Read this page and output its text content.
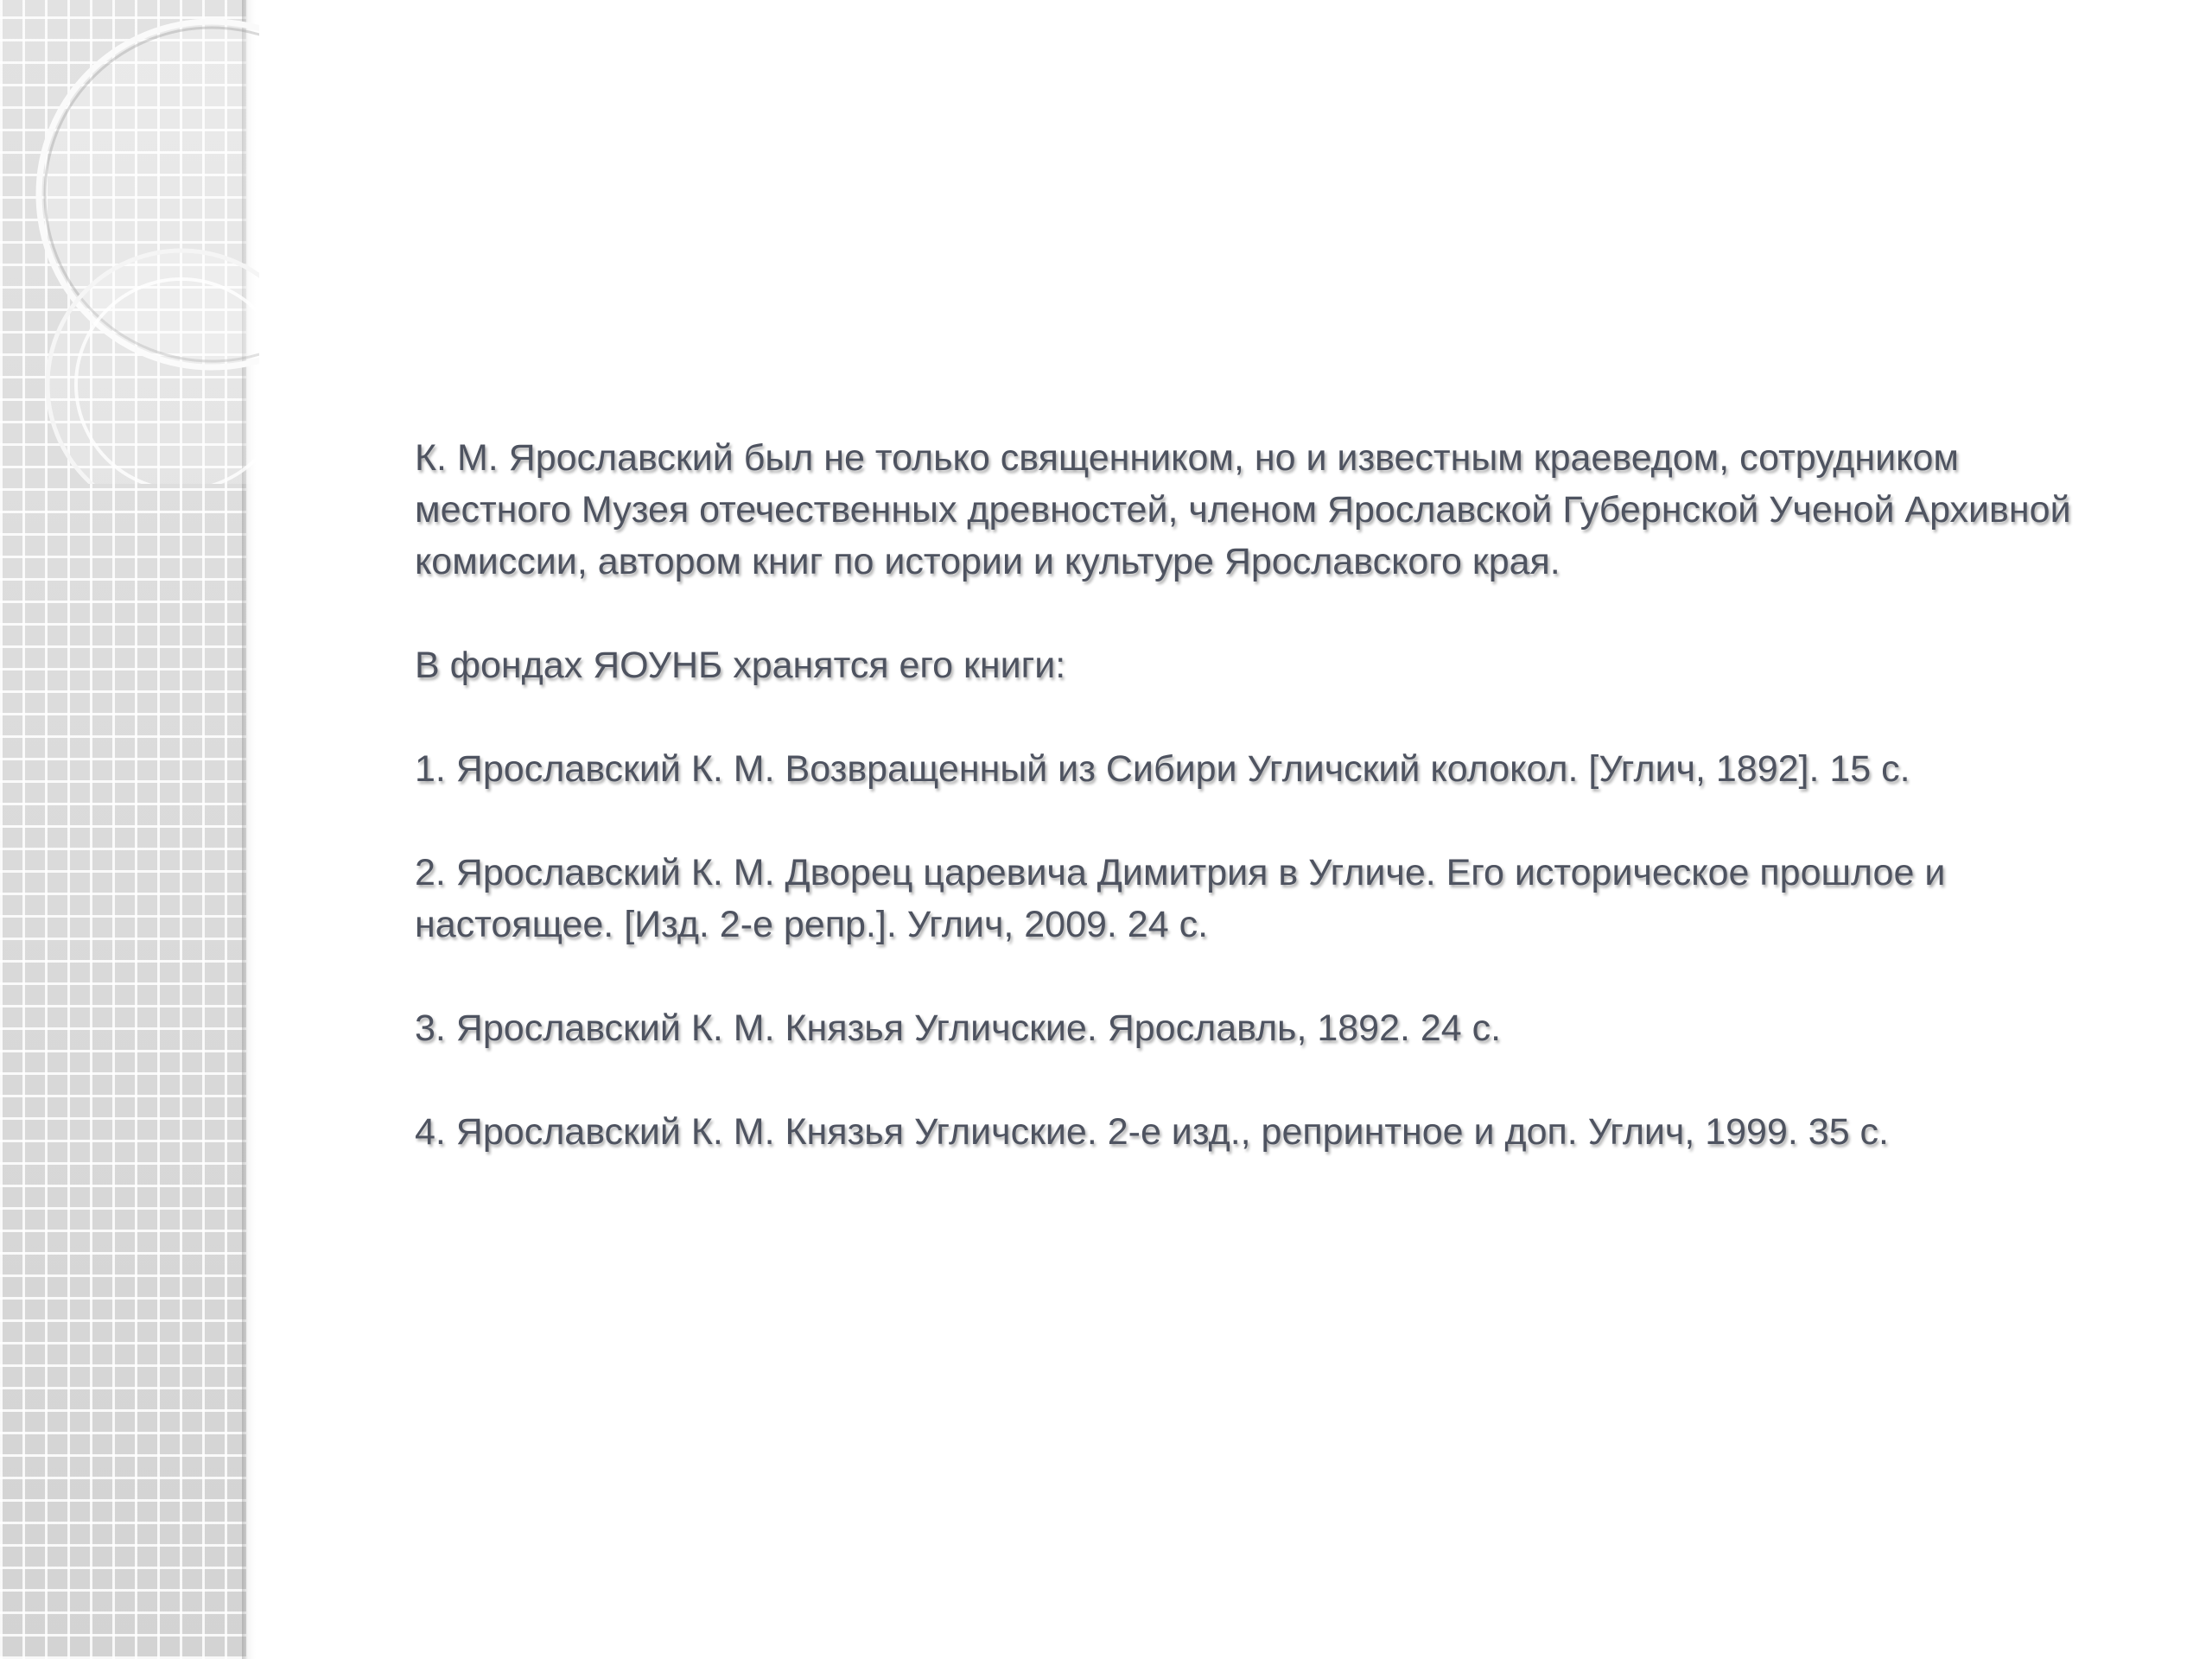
К. М. Ярославский был не только священником, но и известным краеведом, сотрудником местного Музея отечественных древностей, членом Ярославской Губернской Ученой Архивной комиссии, автором книг по истории и культуре Ярославского края.

В фондах ЯОУНБ хранятся его книги:

1. Ярославский К. М. Возвращенный из Сибири Угличский колокол. [Углич, 1892]. 15 с.

2. Ярославский К. М. Дворец царевича Димитрия в Угличе. Его историческое прошлое и настоящее. [Изд. 2-е репр.]. Углич, 2009. 24 с.

3. Ярославский К. М. Князья Угличские. Ярославль, 1892. 24 с.

4. Ярославский К. М. Князья Угличские. 2-е изд., репринтное и доп. Углич, 1999. 35 с.
